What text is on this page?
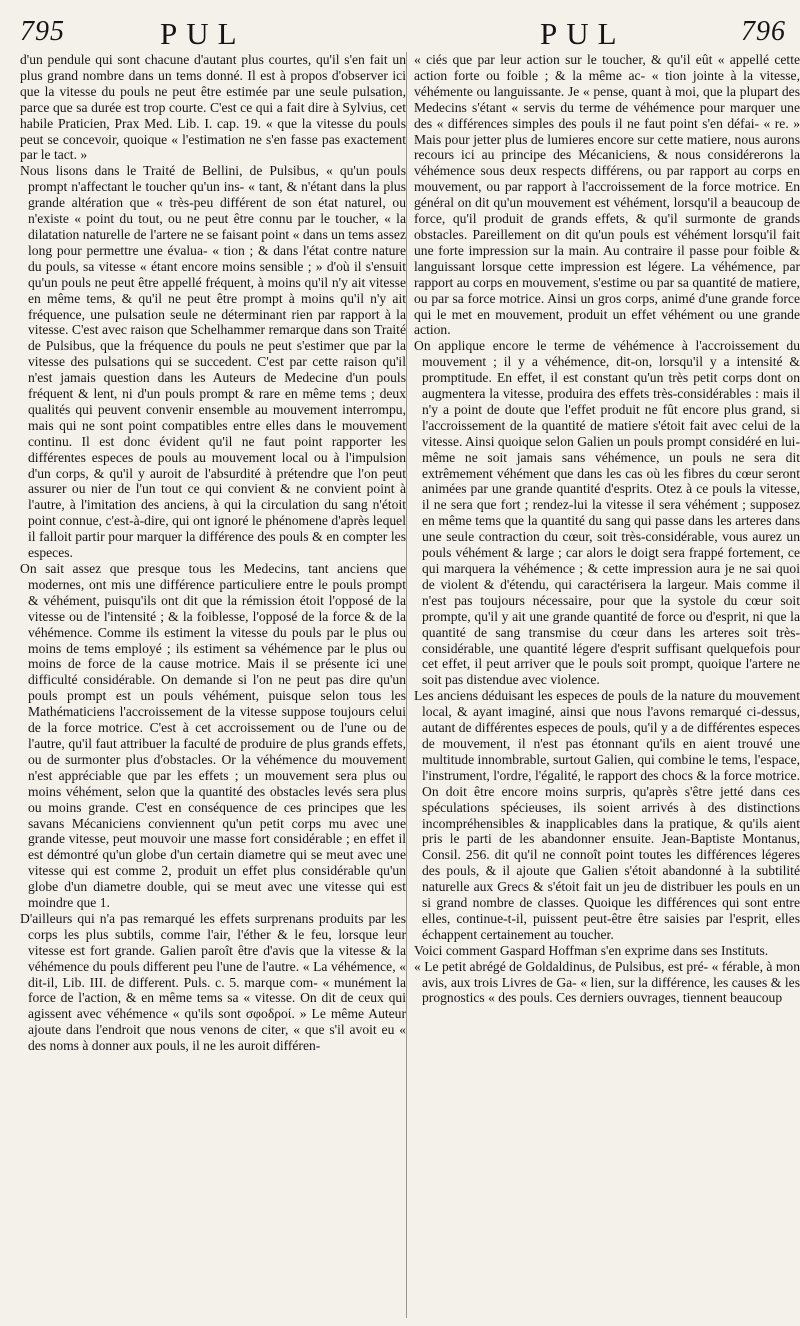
795	PUL	PUL	796

d'un pendule qui sont chacune d'autant plus courtes, qu'il s'en fait un plus grand nombre dans un tems donné. Il est à propos d'observer ici que la vitesse du pouls ne peut être estimée par une seule pulsation, parce que sa durée est trop courte. C'est ce qui a fait dire à Sylvius, cet habile Praticien, Prax Med. Lib. I. cap. 19. « que la vitesse du pouls peut se concevoir, quoique « l'estimation ne s'en fasse pas exactement par le tact. »

Nous lisons dans le Traité de Bellini, de Pulsibus, « qu'un pouls prompt n'affectant le toucher qu'un ins- « tant, & n'étant dans la plus grande altération que « très-peu différent de son état naturel, ou n'existe « point du tout, ou ne peut être connu par le toucher, « la dilatation naturelle de l'artere ne se faisant point « dans un tems assez long pour permettre une évalua- « tion ; & dans l'état contre nature du pouls, sa vitesse « étant encore moins sensible ; » d'où il s'ensuit qu'un pouls ne peut être appellé fréquent, à moins qu'il n'y ait vitesse en même tems, & qu'il ne peut être prompt à moins qu'il n'y ait fréquence, une pulsation seule ne déterminant rien par rapport à la vitesse. C'est avec raison que Schelhammer remarque dans son Traité de Pulsibus, que la fréquence du pouls ne peut s'estimer que par la vitesse des pulsations qui se succedent. C'est par cette raison qu'il n'est jamais question dans les Auteurs de Medecine d'un pouls fréquent & lent, ni d'un pouls prompt & rare en même tems ; deux qualités qui peuvent convenir ensemble au mouvement interrompu, mais qui ne sont point compatibles entre elles dans le mouvement continu. Il est donc évident qu'il ne faut point rapporter les différentes especes de pouls au mouvement local ou à l'impulsion d'un corps, & qu'il y auroit de l'absurdité à prétendre que l'on peut assurer ou nier de l'un tout ce qui convient & ne convient point à l'autre, à l'imitation des anciens, à qui la circulation du sang n'étoit point connue, c'est-à-dire, qui ont ignoré le phénomene d'après lequel il falloit partir pour marquer la différence des pouls & en compter les especes.

On sait assez que presque tous les Medecins, tant anciens que modernes, ont mis une différence particuliere entre le pouls prompt & véhément, puisqu'ils ont dit que la rémission étoit l'opposé de la vitesse ou de l'intensité ; & la foiblesse, l'opposé de la force & de la véhémence. Comme ils estiment la vitesse du pouls par le plus ou moins de tems employé ; ils estiment sa véhémence par le plus ou moins de force de la cause motrice. Mais il se présente ici une difficulté considérable. On demande si l'on ne peut pas dire qu'un pouls prompt est un pouls véhément, puisque selon tous les Mathématiciens l'accroissement de la vitesse suppose toujours celui de la force motrice. C'est à cet accroissement ou de l'une ou de l'autre, qu'il faut attribuer la faculté de produire de plus grands effets, ou de surmonter plus d'obstacles. Or la véhémence du mouvement n'est appréciable que par les effets ; un mouvement sera plus ou moins véhément, selon que la quantité des obstacles levés sera plus ou moins grande. C'est en conséquence de ces principes que les savans Mécaniciens conviennent qu'un petit corps mu avec une grande vitesse, peut mouvoir une masse fort considérable ; en effet il est démontré qu'un globe d'un certain diametre qui se meut avec une vitesse qui est comme 2, produit un effet plus considérable qu'un globe d'un diametre double, qui se meut avec une vitesse qui est moindre que 1.

D'ailleurs qui n'a pas remarqué les effets surprenans produits par les corps les plus subtils, comme l'air, l'éther & le feu, lorsque leur vitesse est fort grande. Galien paroît être d'avis que la vitesse & la véhémence du pouls different peu l'une de l'autre. « La véhémence, « dit-il, Lib. III. de different. Puls. c. 5. marque com- « munément la force de l'action, & en même tems sa « vitesse. On dit de ceux qui agissent avec véhémence « qu'ils sont σφοδροί. » Le même Auteur ajoute dans l'endroit que nous venons de citer, « que s'il avoit eu « des noms à donner aux pouls, il ne les auroit différen-

« ciés que par leur action sur le toucher, & qu'il eût « appellé cette action forte ou foible ; & la même ac- « tion jointe à la vitesse, véhémente ou languissante. Je « pense, quant à moi, que la plupart des Medecins s'étant « servis du terme de véhémence pour marquer une des « différences simples des pouls il ne faut point s'en défai- « re. » Mais pour jetter plus de lumieres encore sur cette matiere, nous aurons recours ici au principe des Mécaniciens, & nous considérerons la véhémence sous deux respects différens, ou par rapport au corps en mouvement, ou par rapport à l'accroissement de la force motrice. En général on dit qu'un mouvement est véhément, lorsqu'il a beaucoup de force, qu'il produit de grands effets, & qu'il surmonte de grands obstacles. Pareillement on dit qu'un pouls est véhément lorsqu'il fait une forte impression sur la main. Au contraire il passe pour foible & languissant lorsque cette impression est légere. La véhémence, par rapport au corps en mouvement, s'estime ou par sa quantité de matiere, ou par sa force motrice. Ainsi un gros corps, animé d'une grande force qui le met en mouvement, produit un effet véhément ou une grande action.

On applique encore le terme de véhémence à l'accroissement du mouvement ; il y a véhémence, dit-on, lorsqu'il y a intensité & promptitude. En effet, il est constant qu'un très petit corps dont on augmentera la vitesse, produira des effets très-considérables : mais il n'y a point de doute que l'effet produit ne fût encore plus grand, si l'accroissement de la quantité de matiere s'étoit fait avec celui de la vitesse. Ainsi quoique selon Galien un pouls prompt considéré en lui-même ne soit jamais sans véhémence, un pouls ne sera dit extrêmement véhément que dans les cas où les fibres du cœur seront animées par une grande quantité d'esprits. Otez à ce pouls la vitesse, il ne sera que fort ; rendez-lui la vitesse il sera véhément ; supposez en même tems que la quantité du sang qui passe dans les arteres dans une seule contraction du cœur, soit très-considérable, vous aurez un pouls véhément & large ; car alors le doigt sera frappé fortement, ce qui marquera la véhémence ; & cette impression aura je ne sai quoi de violent & d'étendu, qui caractérisera la largeur. Mais comme il n'est pas toujours nécessaire, pour que la systole du cœur soit prompte, qu'il y ait une grande quantité de force ou d'esprit, ni que la quantité de sang transmise du cœur dans les arteres soit très-considérable, une quantité légere d'esprit suffisant quelquefois pour cet effet, il peut arriver que le pouls soit prompt, quoique l'artere ne soit pas distendue avec violence.

Les anciens déduisant les especes de pouls de la nature du mouvement local, & ayant imaginé, ainsi que nous l'avons remarqué ci-dessus, autant de différentes especes de pouls, qu'il y a de différentes especes de mouvement, il n'est pas étonnant qu'ils en aient trouvé une multitude innombrable, surtout Galien, qui combine le tems, l'espace, l'instrument, l'ordre, l'égalité, le rapport des chocs & la force motrice. On doit être encore moins surpris, qu'après s'être jetté dans ces spéculations spécieuses, ils soient arrivés à des distinctions incompréhensibles & inapplicables dans la pratique, & qu'ils aient pris le parti de les abandonner ensuite. Jean-Baptiste Montanus, Consil. 256. dit qu'il ne connoît point toutes les différences légeres des pouls, & il ajoute que Galien s'étoit abandonné à la subtilité naturelle aux Grecs & s'étoit fait un jeu de distribuer les pouls en un si grand nombre de classes. Quoique les différences qui sont entre elles, continue-t-il, puissent peut-être être saisies par l'esprit, elles échappent certainement au toucher.

Voici comment Gaspard Hoffman s'en exprime dans ses Instituts.

« Le petit abrégé de Goldaldinus, de Pulsibus, est pré- « férable, à mon avis, aux trois Livres de Ga- « lien, sur la différence, les causes & les prognostics « des pouls. Ces derniers ouvrages, tiennent beaucoup
